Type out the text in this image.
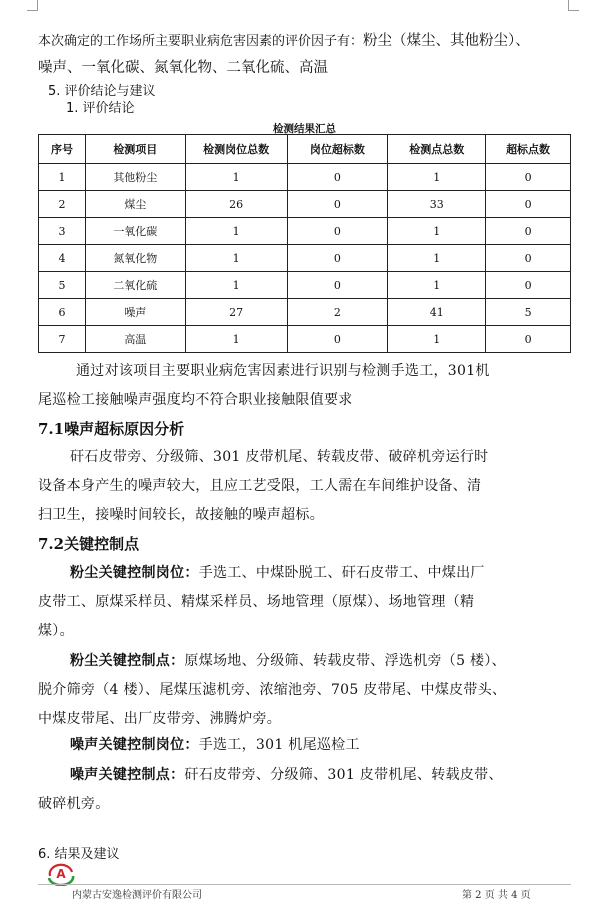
本次确定的工作场所主要职业病危害因素的评价因子有：粉尘（煤尘、其他粉尘）、
噪声、一氧化碳、氮氧化物、二氧化硫、高温
5. 评价结论与建议
1. 评价结论
检测结果汇总
序号	检测项目	检测岗位总数	岗位超标数	检测点总数	超标点数
1	其他粉尘	1	0	1	0
2	煤尘	26	0	33	0
3	一氧化碳	1	0	1	0
4	氮氧化物	1	0	1	0
5	二氧化硫	1	0	1	0
6	噪声	27	2	41	5
7	高温	1	0	1	0
通过对该项目主要职业病危害因素进行识别与检测手选工，301机
尾巡检工接触噪声强度均不符合职业接触限值要求
7.1噪声超标原因分析
矸石皮带旁、分级筛、301 皮带机尾、转载皮带、破碎机旁运行时
设备本身产生的噪声较大，且应工艺受限，工人需在车间维护设备、清
扫卫生，接噪时间较长，故接触的噪声超标。
7.2关键控制点
粉尘关键控制岗位：手选工、中煤卧脱工、矸石皮带工、中煤出厂
皮带工、原煤采样员、精煤采样员、场地管理（原煤）、场地管理（精
煤）。
粉尘关键控制点：原煤场地、分级筛、转载皮带、浮选机旁（5 楼）、
脱介筛旁（4 楼）、尾煤压滤机旁、浓缩池旁、705 皮带尾、中煤皮带头、
中煤皮带尾、出厂皮带旁、沸腾炉旁。
噪声关键控制岗位：手选工，301 机尾巡检工
噪声关键控制点：矸石皮带旁、分级筛、301 皮带机尾、转载皮带、
破碎机旁。
6. 结果及建议
A
内蒙古安逸检测评价有限公司	第 2 页 共 4 页
